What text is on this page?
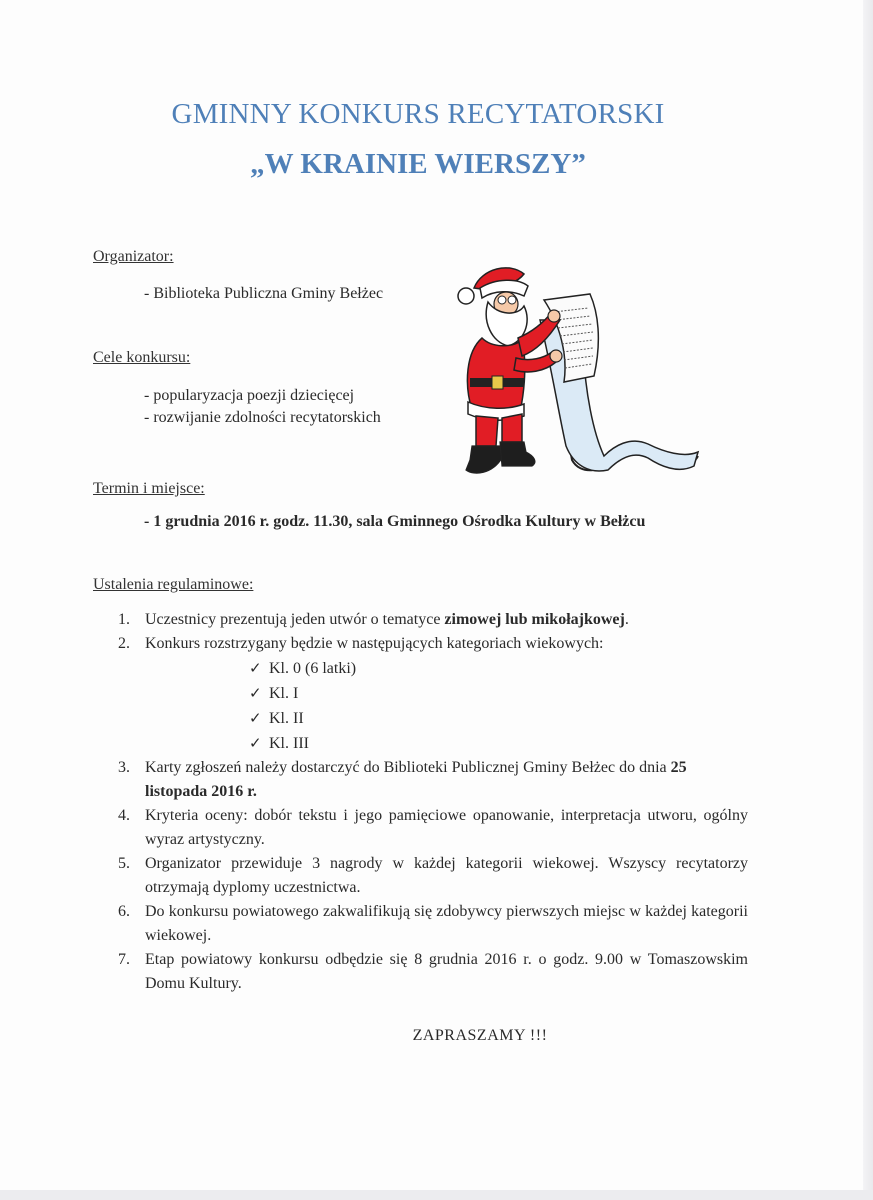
GMINNY KONKURS RECYTATORSKI
„W KRAINIE WIERSZY”
Organizator:
- Biblioteka Publiczna Gminy Bełżec
Cele konkursu:
- popularyzacja poezji dziecięcej
- rozwijanie zdolności recytatorskich
Termin i miejsce:
- 1 grudnia 2016 r. godz. 11.30, sala Gminnego Ośrodka Kultury w Bełżcu
Ustalenia regulaminowe:
1. Uczestnicy prezentują jeden utwór o tematyce zimowej lub mikołajkowej.
2. Konkurs rozstrzygany będzie w następujących kategoriach wiekowych:
✓ Kl. 0 (6 latki)
✓ Kl. I
✓ Kl. II
✓ Kl. III
3. Karty zgłoszeń należy dostarczyć do Biblioteki Publicznej Gminy Bełżec do dnia 25 listopada 2016 r.
4. Kryteria oceny: dobór tekstu i jego pamięciowe opanowanie, interpretacja utworu, ogólny wyraz artystyczny.
5. Organizator przewiduje 3 nagrody w każdej kategorii wiekowej. Wszyscy recytatorzy otrzymają dyplomy uczestnictwa.
6. Do konkursu powiatowego zakwalifikują się zdobywcy pierwszych miejsc w każdej kategorii wiekowej.
7. Etap powiatowy konkursu odbędzie się 8 grudnia 2016 r. o godz. 9.00 w Tomaszowskim Domu Kultury.
ZAPRASZAMY !!!
